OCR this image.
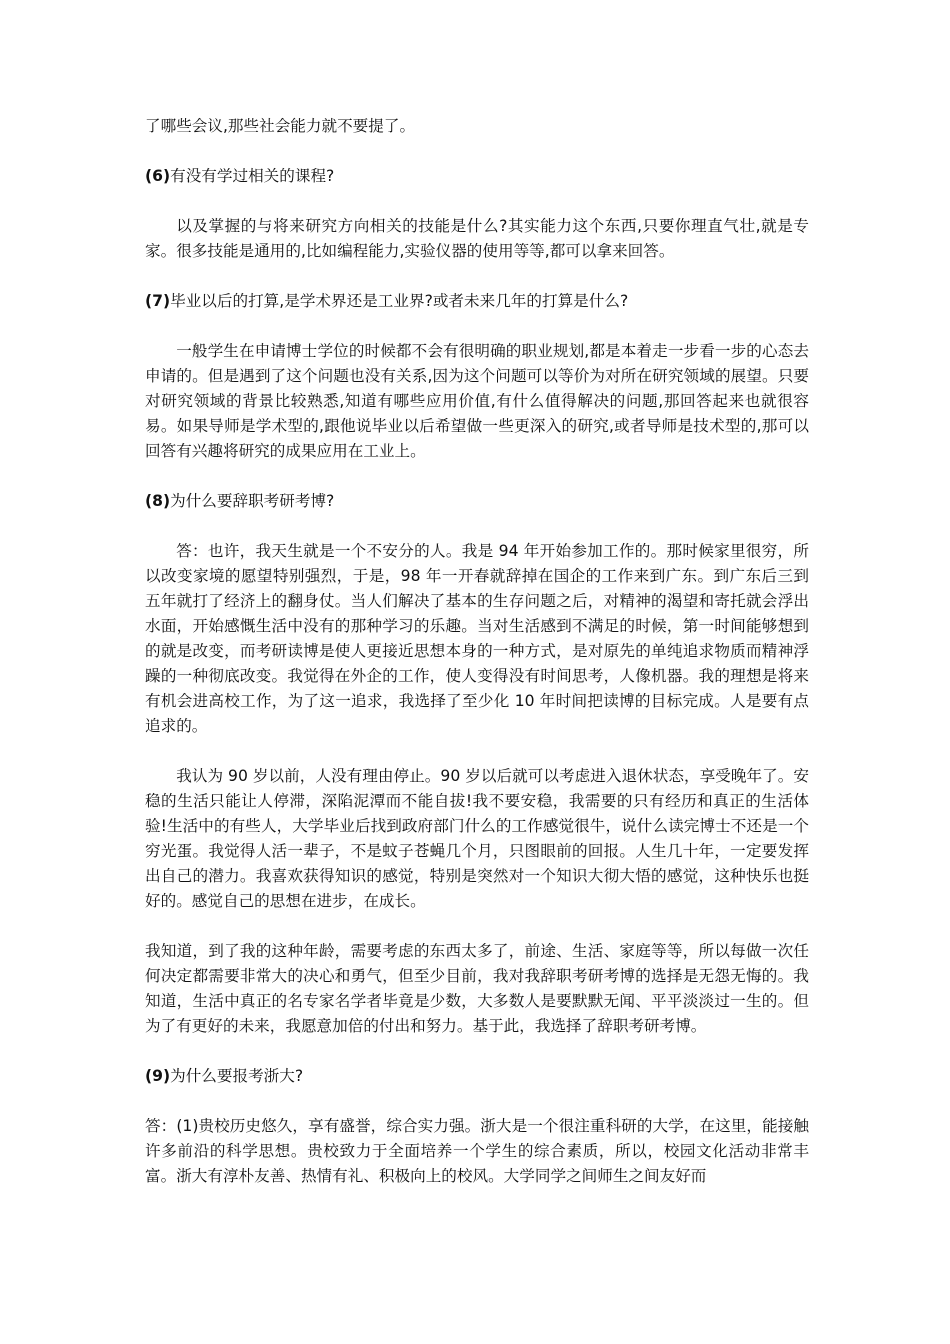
了哪些会议,那些社会能力就不要提了。

(6)有没有学过相关的课程?

以及掌握的与将来研究方向相关的技能是什么?其实能力这个东西,只要你理直气壮,就是专家。很多技能是通用的,比如编程能力,实验仪器的使用等等,都可以拿来回答。

(7)毕业以后的打算,是学术界还是工业界?或者未来几年的打算是什么?

一般学生在申请博士学位的时候都不会有很明确的职业规划,都是本着走一步看一步的心态去申请的。但是遇到了这个问题也没有关系,因为这个问题可以等价为对所在研究领域的展望。只要对研究领域的背景比较熟悉,知道有哪些应用价值,有什么值得解决的问题,那回答起来也就很容易。如果导师是学术型的,跟他说毕业以后希望做一些更深入的研究,或者导师是技术型的,那可以回答有兴趣将研究的成果应用在工业上。

(8)为什么要辞职考研考博?

答：也许，我天生就是一个不安分的人。我是 94 年开始参加工作的。那时候家里很穷，所以改变家境的愿望特别强烈，于是，98 年一开春就辞掉在国企的工作来到广东。到广东后三到五年就打了经济上的翻身仗。当人们解决了基本的生存问题之后，对精神的渴望和寄托就会浮出水面，开始感慨生活中没有的那种学习的乐趣。当对生活感到不满足的时候，第一时间能够想到的就是改变，而考研读博是使人更接近思想本身的一种方式，是对原先的单纯追求物质而精神浮躁的一种彻底改变。我觉得在外企的工作，使人变得没有时间思考，人像机器。我的理想是将来有机会进高校工作，为了这一追求，我选择了至少化 10 年时间把读博的目标完成。人是要有点追求的。

我认为 90 岁以前，人没有理由停止。90 岁以后就可以考虑进入退休状态，享受晚年了。安稳的生活只能让人停滞，深陷泥潭而不能自拔!我不要安稳，我需要的只有经历和真正的生活体验!生活中的有些人，大学毕业后找到政府部门什么的工作感觉很牛，说什么读完博士不还是一个穷光蛋。我觉得人活一辈子，不是蚊子苍蝇几个月，只图眼前的回报。人生几十年，一定要发挥出自己的潜力。我喜欢获得知识的感觉，特别是突然对一个知识大彻大悟的感觉，这种快乐也挺好的。感觉自己的思想在进步，在成长。

我知道，到了我的这种年龄，需要考虑的东西太多了，前途、生活、家庭等等，所以每做一次任何决定都需要非常大的决心和勇气，但至少目前，我对我辞职考研考博的选择是无怨无悔的。我知道，生活中真正的名专家名学者毕竟是少数，大多数人是要默默无闻、平平淡淡过一生的。但为了有更好的未来，我愿意加倍的付出和努力。基于此，我选择了辞职考研考博。

(9)为什么要报考浙大?

答：(1)贵校历史悠久，享有盛誉，综合实力强。浙大是一个很注重科研的大学，在这里，能接触许多前沿的科学思想。贵校致力于全面培养一个学生的综合素质，所以，校园文化活动非常丰富。浙大有淳朴友善、热情有礼、积极向上的校风。大学同学之间师生之间友好而
